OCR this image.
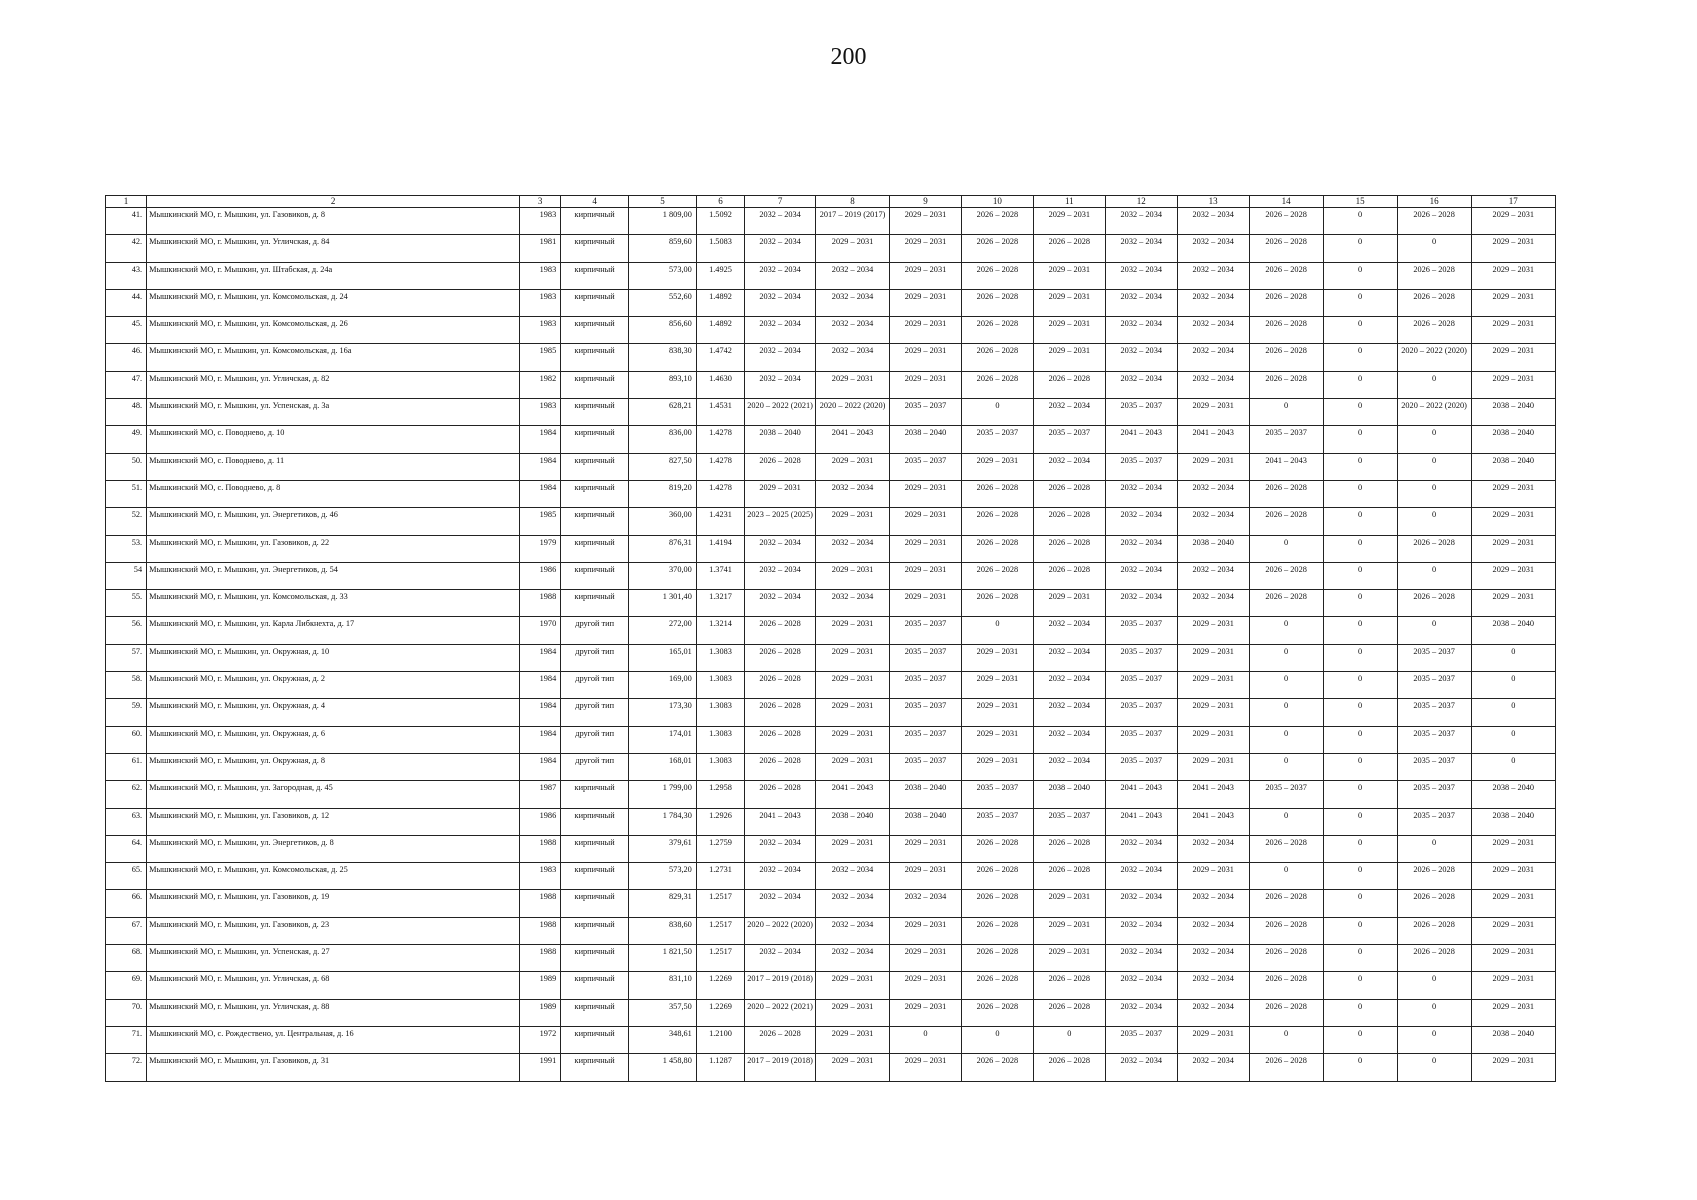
200
1	2	3	4	5	6	7	8	9	10	11	12	13	14	15	16	17
41.	Мышкинский МО, г. Мышкин, ул. Газовиков, д. 8	1983	кирпичный	1 809,00	1.5092	2032 – 2034	2017 – 2019 (2017)	2029 – 2031	2026 – 2028	2029 – 2031	2032 – 2034	2032 – 2034	2026 – 2028	0	2026 – 2028	2029 – 2031
42.	Мышкинский МО, г. Мышкин, ул. Угличская, д. 84	1981	кирпичный	859,60	1.5083	2032 – 2034	2029 – 2031	2029 – 2031	2026 – 2028	2026 – 2028	2032 – 2034	2032 – 2034	2026 – 2028	0	0	2029 – 2031
43.	Мышкинский МО, г. Мышкин, ул. Штабская, д. 24а	1983	кирпичный	573,00	1.4925	2032 – 2034	2032 – 2034	2029 – 2031	2026 – 2028	2029 – 2031	2032 – 2034	2032 – 2034	2026 – 2028	0	2026 – 2028	2029 – 2031
44.	Мышкинский МО, г. Мышкин, ул. Комсомольская, д. 24	1983	кирпичный	552,60	1.4892	2032 – 2034	2032 – 2034	2029 – 2031	2026 – 2028	2029 – 2031	2032 – 2034	2032 – 2034	2026 – 2028	0	2026 – 2028	2029 – 2031
45.	Мышкинский МО, г. Мышкин, ул. Комсомольская, д. 26	1983	кирпичный	856,60	1.4892	2032 – 2034	2032 – 2034	2029 – 2031	2026 – 2028	2029 – 2031	2032 – 2034	2032 – 2034	2026 – 2028	0	2026 – 2028	2029 – 2031
46.	Мышкинский МО, г. Мышкин, ул. Комсомольская, д. 16а	1985	кирпичный	838,30	1.4742	2032 – 2034	2032 – 2034	2029 – 2031	2026 – 2028	2029 – 2031	2032 – 2034	2032 – 2034	2026 – 2028	0	2020 – 2022 (2020)	2029 – 2031
47.	Мышкинский МО, г. Мышкин, ул. Угличская, д. 82	1982	кирпичный	893,10	1.4630	2032 – 2034	2029 – 2031	2029 – 2031	2026 – 2028	2026 – 2028	2032 – 2034	2032 – 2034	2026 – 2028	0	0	2029 – 2031
48.	Мышкинский МО, г. Мышкин, ул. Успенская, д. 3а	1983	кирпичный	628,21	1.4531	2020 – 2022 (2021)	2020 – 2022 (2020)	2035 – 2037	0	2032 – 2034	2035 – 2037	2029 – 2031	0	0	2020 – 2022 (2020)	2038 – 2040
49.	Мышкинский МО, с. Поводнево, д. 10	1984	кирпичный	836,00	1.4278	2038 – 2040	2041 – 2043	2038 – 2040	2035 – 2037	2035 – 2037	2041 – 2043	2041 – 2043	2035 – 2037	0	0	2038 – 2040
50.	Мышкинский МО, с. Поводнево, д. 11	1984	кирпичный	827,50	1.4278	2026 – 2028	2029 – 2031	2035 – 2037	2029 – 2031	2032 – 2034	2035 – 2037	2029 – 2031	2041 – 2043	0	0	2038 – 2040
51.	Мышкинский МО, с. Поводнево, д. 8	1984	кирпичный	819,20	1.4278	2029 – 2031	2032 – 2034	2029 – 2031	2026 – 2028	2026 – 2028	2032 – 2034	2032 – 2034	2026 – 2028	0	0	2029 – 2031
52.	Мышкинский МО, г. Мышкин, ул. Энергетиков, д. 46	1985	кирпичный	360,00	1.4231	2023 – 2025 (2025)	2029 – 2031	2029 – 2031	2026 – 2028	2026 – 2028	2032 – 2034	2032 – 2034	2026 – 2028	0	0	2029 – 2031
53.	Мышкинский МО, г. Мышкин, ул. Газовиков, д. 22	1979	кирпичный	876,31	1.4194	2032 – 2034	2032 – 2034	2029 – 2031	2026 – 2028	2026 – 2028	2032 – 2034	2038 – 2040	0	0	2026 – 2028	2029 – 2031
54	Мышкинский МО, г. Мышкин, ул. Энергетиков, д. 54	1986	кирпичный	370,00	1.3741	2032 – 2034	2029 – 2031	2029 – 2031	2026 – 2028	2026 – 2028	2032 – 2034	2032 – 2034	2026 – 2028	0	0	2029 – 2031
55.	Мышкинский МО, г. Мышкин, ул. Комсомольская, д. 33	1988	кирпичный	1 301,40	1.3217	2032 – 2034	2032 – 2034	2029 – 2031	2026 – 2028	2029 – 2031	2032 – 2034	2032 – 2034	2026 – 2028	0	2026 – 2028	2029 – 2031
56.	Мышкинский МО, г. Мышкин, ул. Карла Либкнехта, д. 17	1970	другой тип	272,00	1.3214	2026 – 2028	2029 – 2031	2035 – 2037	0	2032 – 2034	2035 – 2037	2029 – 2031	0	0	0	2038 – 2040
57.	Мышкинский МО, г. Мышкин, ул. Окружная, д. 10	1984	другой тип	165,01	1.3083	2026 – 2028	2029 – 2031	2035 – 2037	2029 – 2031	2032 – 2034	2035 – 2037	2029 – 2031	0	0	2035 – 2037	0
58.	Мышкинский МО, г. Мышкин, ул. Окружная, д. 2	1984	другой тип	169,00	1.3083	2026 – 2028	2029 – 2031	2035 – 2037	2029 – 2031	2032 – 2034	2035 – 2037	2029 – 2031	0	0	2035 – 2037	0
59.	Мышкинский МО, г. Мышкин, ул. Окружная, д. 4	1984	другой тип	173,30	1.3083	2026 – 2028	2029 – 2031	2035 – 2037	2029 – 2031	2032 – 2034	2035 – 2037	2029 – 2031	0	0	2035 – 2037	0
60.	Мышкинский МО, г. Мышкин, ул. Окружная, д. 6	1984	другой тип	174,01	1.3083	2026 – 2028	2029 – 2031	2035 – 2037	2029 – 2031	2032 – 2034	2035 – 2037	2029 – 2031	0	0	2035 – 2037	0
61.	Мышкинский МО, г. Мышкин, ул. Окружная, д. 8	1984	другой тип	168,01	1.3083	2026 – 2028	2029 – 2031	2035 – 2037	2029 – 2031	2032 – 2034	2035 – 2037	2029 – 2031	0	0	2035 – 2037	0
62.	Мышкинский МО, г. Мышкин, ул. Загородная, д. 45	1987	кирпичный	1 799,00	1.2958	2026 – 2028	2041 – 2043	2038 – 2040	2035 – 2037	2038 – 2040	2041 – 2043	2041 – 2043	2035 – 2037	0	2035 – 2037	2038 – 2040
63.	Мышкинский МО, г. Мышкин, ул. Газовиков, д. 12	1986	кирпичный	1 784,30	1.2926	2041 – 2043	2038 – 2040	2038 – 2040	2035 – 2037	2035 – 2037	2041 – 2043	2041 – 2043	0	0	2035 – 2037	2038 – 2040
64.	Мышкинский МО, г. Мышкин, ул. Энергетиков, д. 8	1988	кирпичный	379,61	1.2759	2032 – 2034	2029 – 2031	2029 – 2031	2026 – 2028	2026 – 2028	2032 – 2034	2032 – 2034	2026 – 2028	0	0	2029 – 2031
65.	Мышкинский МО, г. Мышкин, ул. Комсомольская, д. 25	1983	кирпичный	573,20	1.2731	2032 – 2034	2032 – 2034	2029 – 2031	2026 – 2028	2026 – 2028	2032 – 2034	2029 – 2031	0	0	2026 – 2028	2029 – 2031
66.	Мышкинский МО, г. Мышкин, ул. Газовиков, д. 19	1988	кирпичный	829,31	1.2517	2032 – 2034	2032 – 2034	2032 – 2034	2026 – 2028	2029 – 2031	2032 – 2034	2032 – 2034	2026 – 2028	0	2026 – 2028	2029 – 2031
67.	Мышкинский МО, г. Мышкин, ул. Газовиков, д. 23	1988	кирпичный	838,60	1.2517	2020 – 2022 (2020)	2032 – 2034	2029 – 2031	2026 – 2028	2029 – 2031	2032 – 2034	2032 – 2034	2026 – 2028	0	2026 – 2028	2029 – 2031
68.	Мышкинский МО, г. Мышкин, ул. Успенская, д. 27	1988	кирпичный	1 821,50	1.2517	2032 – 2034	2032 – 2034	2029 – 2031	2026 – 2028	2029 – 2031	2032 – 2034	2032 – 2034	2026 – 2028	0	2026 – 2028	2029 – 2031
69.	Мышкинский МО, г. Мышкин, ул. Угличская, д. 68	1989	кирпичный	831,10	1.2269	2017 – 2019 (2018)	2029 – 2031	2029 – 2031	2026 – 2028	2026 – 2028	2032 – 2034	2032 – 2034	2026 – 2028	0	0	2029 – 2031
70.	Мышкинский МО, г. Мышкин, ул. Угличская, д. 88	1989	кирпичный	357,50	1.2269	2020 – 2022 (2021)	2029 – 2031	2029 – 2031	2026 – 2028	2026 – 2028	2032 – 2034	2032 – 2034	2026 – 2028	0	0	2029 – 2031
71.	Мышкинский МО, с. Рождествено, ул. Центральная, д. 16	1972	кирпичный	348,61	1.2100	2026 – 2028	2029 – 2031	0	0	0	2035 – 2037	2029 – 2031	0	0	0	2038 – 2040
72.	Мышкинский МО, г. Мышкин, ул. Газовиков, д. 31	1991	кирпичный	1 458,80	1.1287	2017 – 2019 (2018)	2029 – 2031	2029 – 2031	2026 – 2028	2026 – 2028	2032 – 2034	2032 – 2034	2026 – 2028	0	0	2029 – 2031
